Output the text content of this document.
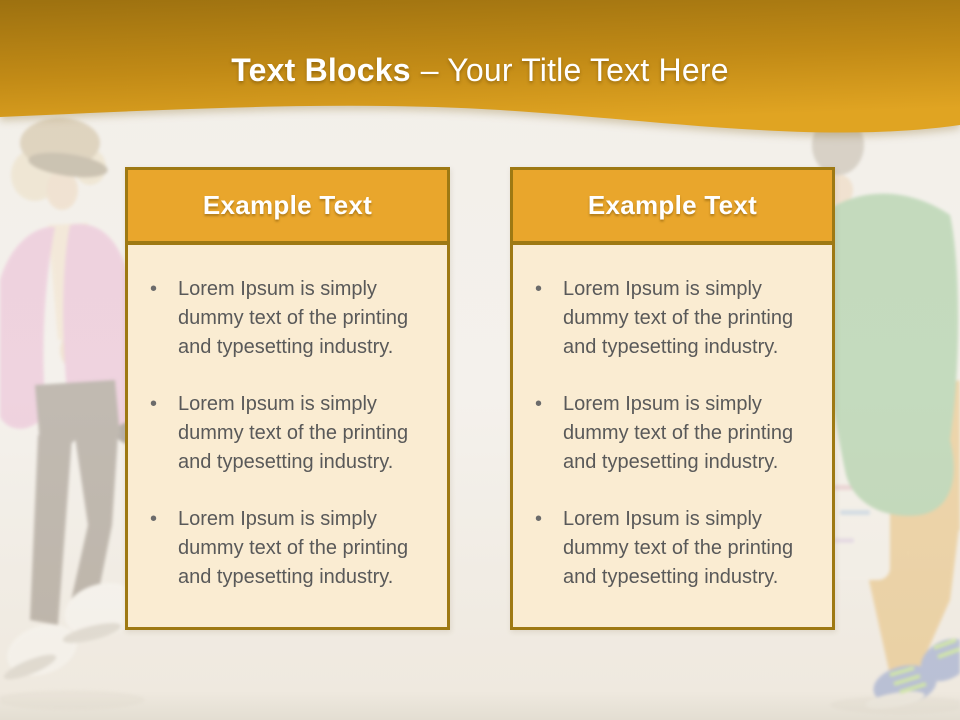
Text Blocks – Your Title Text Here
Example Text
• Lorem Ipsum is simply dummy text of the printing and typesetting industry.
• Lorem Ipsum is simply dummy text of the printing and typesetting industry.
• Lorem Ipsum is simply dummy text of the printing and typesetting industry.
Example Text
• Lorem Ipsum is simply dummy text of the printing and typesetting industry.
• Lorem Ipsum is simply dummy text of the printing and typesetting industry.
• Lorem Ipsum is simply dummy text of the printing and typesetting industry.
